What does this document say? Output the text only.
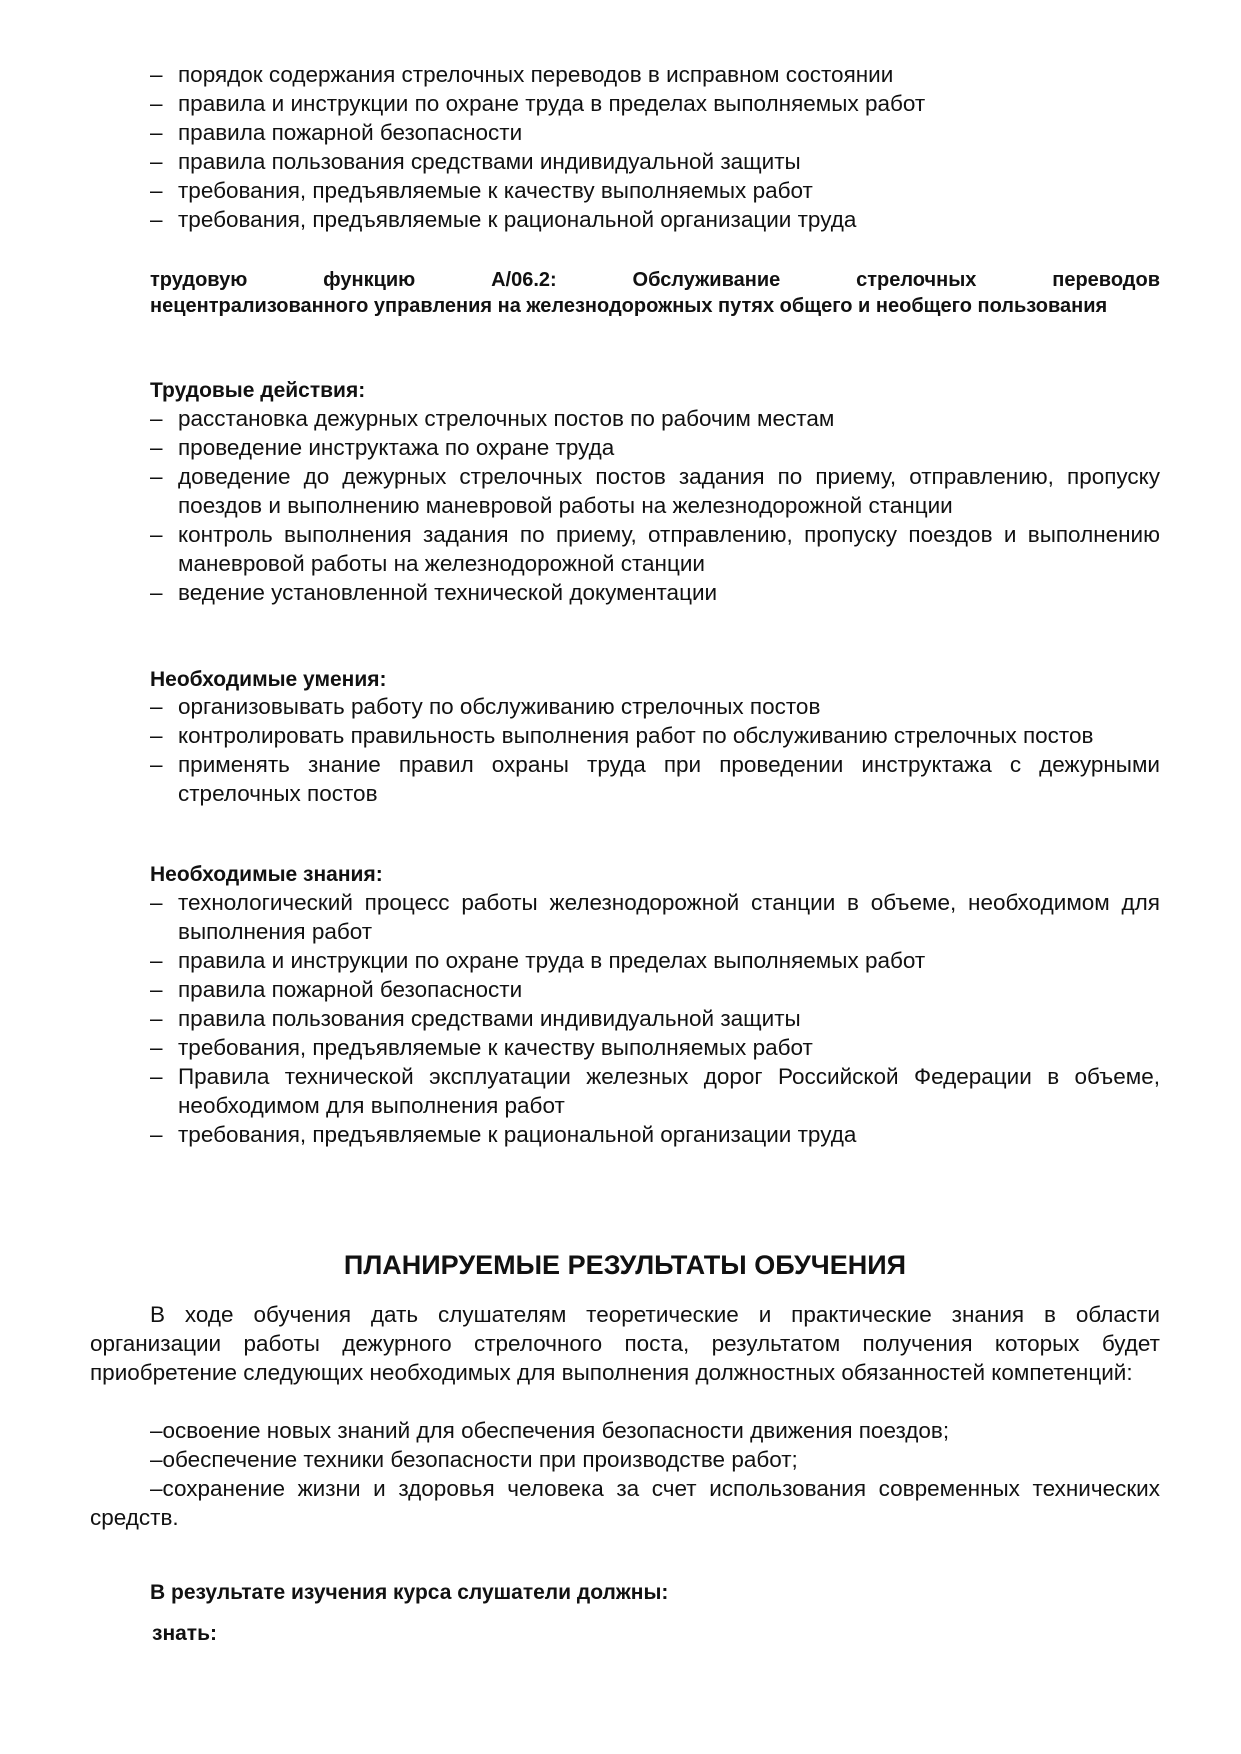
– порядок содержания стрелочных переводов в исправном состоянии
– правила и инструкции по охране труда в пределах выполняемых работ
– правила пожарной безопасности
– правила пользования средствами индивидуальной защиты
– требования, предъявляемые к качеству выполняемых работ
– требования, предъявляемые к рациональной организации труда
трудовую функцию А/06.2: Обслуживание стрелочных переводов
нецентрализованного управления на железнодорожных путях общего и необщего пользования
Трудовые действия:
– расстановка дежурных стрелочных постов по рабочим местам
– проведение инструктажа по охране труда
– доведение до дежурных стрелочных постов задания по приему, отправлению, пропуску поездов и выполнению маневровой работы на железнодорожной станции
– контроль выполнения задания по приему, отправлению, пропуску поездов и выполнению маневровой работы на железнодорожной станции
– ведение установленной технической документации
Необходимые умения:
– организовывать работу по обслуживанию стрелочных постов
– контролировать правильность выполнения работ по обслуживанию стрелочных постов
– применять знание правил охраны труда при проведении инструктажа с дежурными стрелочных постов
Необходимые знания:
– технологический процесс работы железнодорожной станции в объеме, необходимом для выполнения работ
– правила и инструкции по охране труда в пределах выполняемых работ
– правила пожарной безопасности
– правила пользования средствами индивидуальной защиты
– требования, предъявляемые к качеству выполняемых работ
– Правила технической эксплуатации железных дорог Российской Федерации в объеме, необходимом для выполнения работ
– требования, предъявляемые к рациональной организации труда
ПЛАНИРУЕМЫЕ РЕЗУЛЬТАТЫ ОБУЧЕНИЯ

В ходе обучения дать слушателям теоретические и практические знания в области организации работы дежурного стрелочного поста, результатом получения которых будет приобретение следующих необходимых для выполнения должностных обязанностей компетенций:

–освоение новых знаний для обеспечения безопасности движения поездов;

–обеспечение техники безопасности при производстве работ;

–сохранение жизни и здоровья человека за счет использования современных технических средств.

В результате изучения курса слушатели должны:
знать:
